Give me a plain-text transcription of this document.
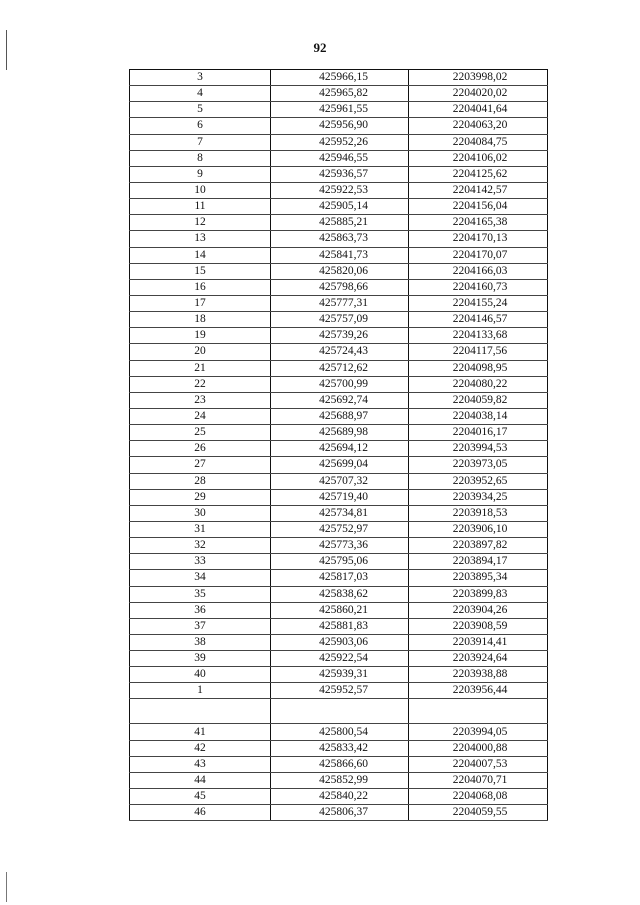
92
3	425966,15	2203998,02
4	425965,82	2204020,02
5	425961,55	2204041,64
6	425956,90	2204063,20
7	425952,26	2204084,75
8	425946,55	2204106,02
9	425936,57	2204125,62
10	425922,53	2204142,57
11	425905,14	2204156,04
12	425885,21	2204165,38
13	425863,73	2204170,13
14	425841,73	2204170,07
15	425820,06	2204166,03
16	425798,66	2204160,73
17	425777,31	2204155,24
18	425757,09	2204146,57
19	425739,26	2204133,68
20	425724,43	2204117,56
21	425712,62	2204098,95
22	425700,99	2204080,22
23	425692,74	2204059,82
24	425688,97	2204038,14
25	425689,98	2204016,17
26	425694,12	2203994,53
27	425699,04	2203973,05
28	425707,32	2203952,65
29	425719,40	2203934,25
30	425734,81	2203918,53
31	425752,97	2203906,10
32	425773,36	2203897,82
33	425795,06	2203894,17
34	425817,03	2203895,34
35	425838,62	2203899,83
36	425860,21	2203904,26
37	425881,83	2203908,59
38	425903,06	2203914,41
39	425922,54	2203924,64
40	425939,31	2203938,88
1	425952,57	2203956,44

41	425800,54	2203994,05
42	425833,42	2204000,88
43	425866,60	2204007,53
44	425852,99	2204070,71
45	425840,22	2204068,08
46	425806,37	2204059,55
